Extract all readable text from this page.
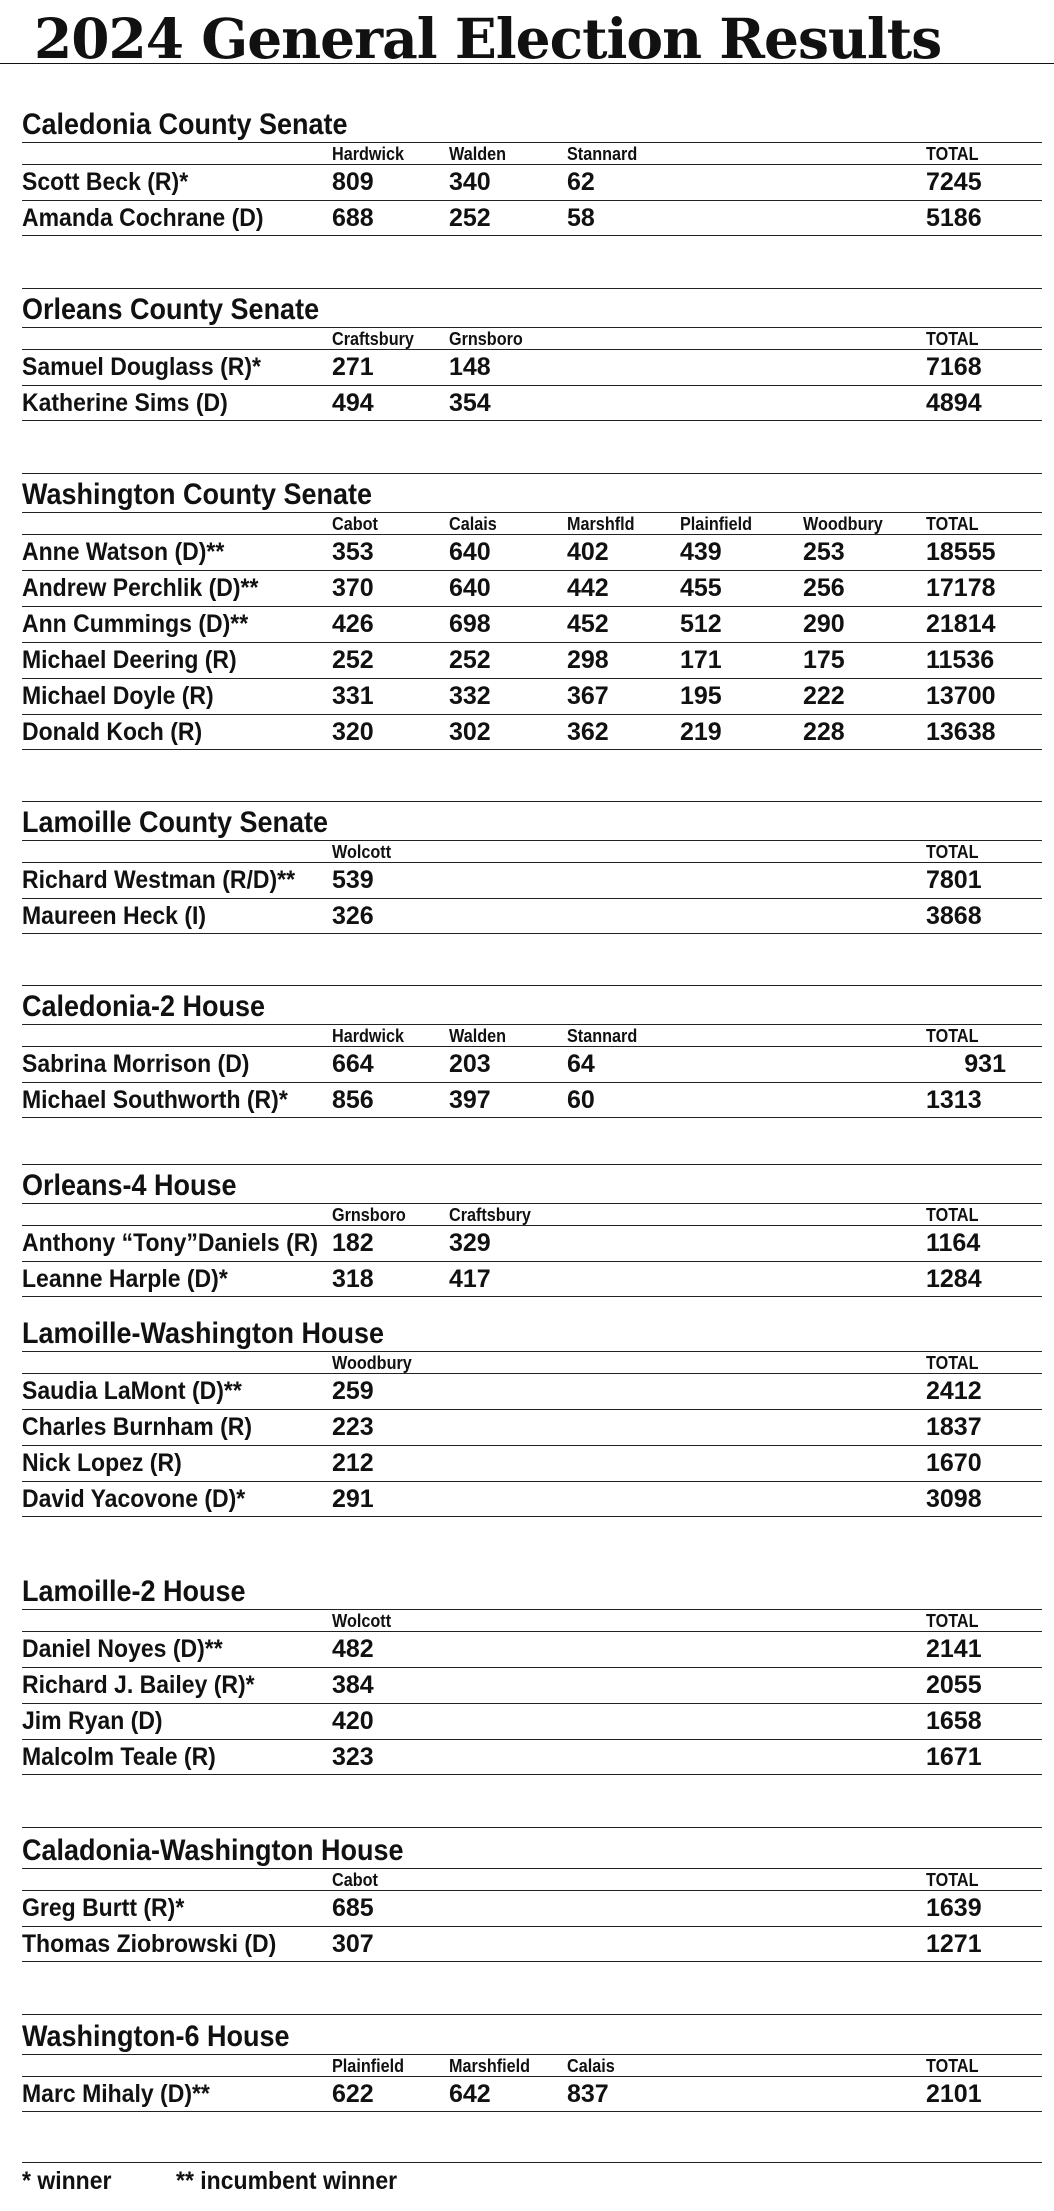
2024 General Election Results
Caledonia County Senate
Hardwick Walden	Stannard	TOTAL
Scott Beck (R)*	809	340	62	7245
Amanda Cochrane (D)	688	252	58	5186
Orleans County Senate
Craftsbury Grnsboro	TOTAL
Samuel Douglass (R)*	271	148	7168
Katherine Sims (D)	494	354	4894
Washington County Senate
Cabot	Calais	Marshfld	Plainfield	Woodbury TOTAL
Anne Watson (D)**	353	640	402	439	253	18555
Andrew Perchlik (D)**	370	640	442	455	256	17178
Ann Cummings (D)**	426	698	452	512	290	21814
Michael Deering (R)	252	252	298	171	175	11536
Michael Doyle (R)	331	332	367	195	222	13700
Donald Koch (R)	320	302	362	219	228	13638
Lamoille County Senate
Wolcott	TOTAL
Richard Westman (R/D)**	539	7801
Maureen Heck (I)	326	3868
Caledonia-2 House
Hardwick Walden	Stannard	TOTAL
Sabrina Morrison (D)	664	203	64	931
Michael Southworth (R)*	856	397	60	1313
Orleans-4 House
Grnsboro Craftsbury	TOTAL
Anthony “Tony”Daniels (R) 182	329	1164
Leanne Harple (D)*	318	417	1284
Lamoille-Washington House
Woodbury	TOTAL
Saudia LaMont (D)**	259	2412
Charles Burnham (R)	223	1837
Nick Lopez (R)	212	1670
David Yacovone (D)*	291	3098
Lamoille-2 House
Wolcott	TOTAL
Daniel Noyes (D)**	482	2141
Richard J. Bailey (R)*	384	2055
Jim Ryan (D)	420	1658
Malcolm Teale (R)	323	1671
Caladonia-Washington House
Cabot	TOTAL
Greg Burtt (R)*	685	1639
Thomas Ziobrowski (D)	307	1271
Washington-6 House
Plainfield Marshfield Calais	TOTAL
Marc Mihaly (D)**	622	642	837	2101
* winner	** incumbent winner
